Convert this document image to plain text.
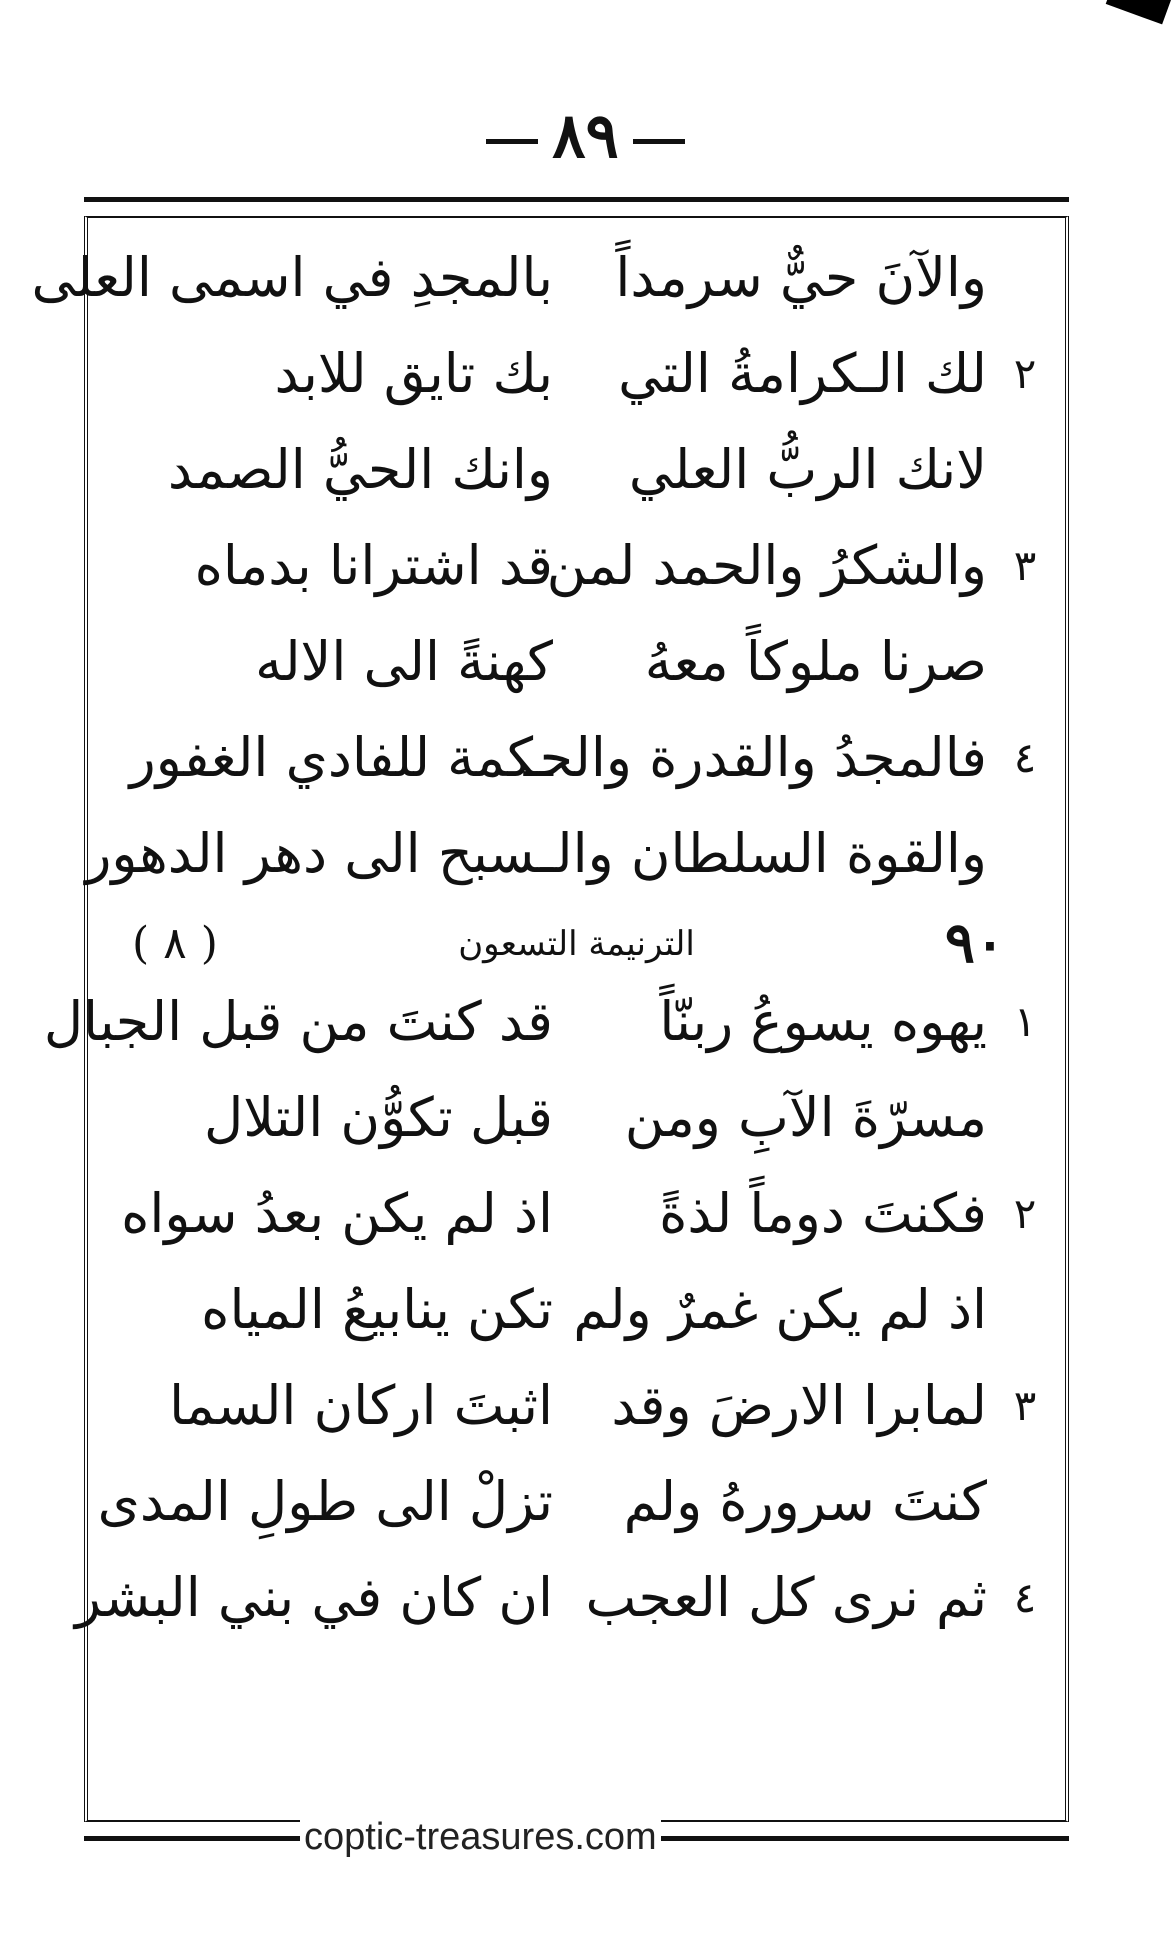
٨٩
والآنَ حيٌّ سرمداً
بالمجدِ في اسمى العلى
٢
لك الـكرامةُ التي
بك تايق للابد
لانك الربُّ العلي
وانك الحيُّ الصمد
٣
والشكرُ والحمد لمن
قد اشترانا بدماه
صرنا ملوكاً معهُ
كهنةً الى الاله
٤
فالمجدُ والقدرة والحـ
ـكمة للفادي الغفور
والقوة السلطان والـ
ـسبح الى دهر الدهور
٩٠
الترنيمة التسعون
( ٨ )
١
يهوه يسوعُ ربنّاً
قد كنتَ من قبل الجبال
مسرّةَ الآبِ ومن
قبل تكوُّن التلال
٢
فكنتَ دوماً لذةً
اذ لم يكن بعدُ سواه
اذ لم يكن غمرٌ ولم
تكن ينابيعُ المياه
٣
لمابرا الارضَ وقد
اثبتَ اركان السما
كنتَ سرورهُ ولم
تزلْ الى طولِ المدى
٤
ثم نرى كل العجب
ان كان في بني البشر
coptic-treasures.com
